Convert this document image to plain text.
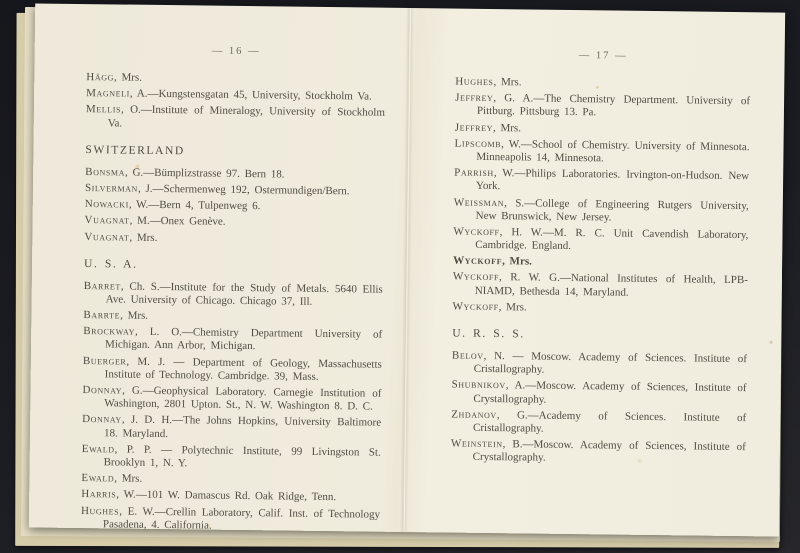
— 16 —

Hägg, Mrs.

Magneli, A.—Kungstensgatan 45, University, Stockholm Va.

Mellis, O.—Institute of Mineralogy, University of Stockholm Va.

SWITZERLAND

Bonsma, G.—Bümplizstrasse 97. Bern 18.

Silverman, J.—Schermenweg 192, Ostermundigen/Bern.

Nowacki, W.—Bern 4, Tulpenweg 6.

Vuagnat, M.—Onex Genève.

Vuagnat, Mrs.

U. S. A.

Barret, Ch. S.—Institute for the Study of Metals. 5640 Ellis Ave. University of Chicago. Chicago 37, Ill.

Barrte, Mrs.

Brockway, L. O.—Chemistry Department University of Michigan. Ann Arbor, Michigan.

Buerger, M. J. — Department of Geology, Massachusetts Institute of Technology. Cambridge. 39, Mass.

Donnay, G.—Geophysical Laboratory. Carnegie Institution of Washington, 2801 Upton. St., N. W. Washington 8. D. C.

Donnay, J. D. H.—The Johns Hopkins, University Baltimore 18. Maryland.

Ewald, P. P. — Polytechnic Institute, 99 Livingston St. Brooklyn 1, N. Y.

Ewald, Mrs.

Harris, W.—101 W. Damascus Rd. Oak Ridge, Tenn.

Hughes, E. W.—Crellin Laboratory, Calif. Inst. of Technology Pasadena, 4. California.

— 17 —

Hughes, Mrs.

Jeffrey, G. A.—The Chemistry Department. University of Pittburg. Pittsburg 13. Pa.

Jeffrey, Mrs.

Lipscomb, W.—School of Chemistry. University of Minnesota. Minneapolis 14, Minnesota.

Parrish, W.—Philips Laboratories. Irvington-on-Hudson. New York.

Weissman, S.—College of Engineering Rutgers University, New Brunswick, New Jersey.

Wyckoff, H. W.—M. R. C. Unit Cavendish Laboratory, Cambridge. England.

Wyckoff, Mrs.

Wyckoff, R. W. G.—National Institutes of Health, LPB-NIAMD, Bethesda 14, Maryland.

Wyckoff, Mrs.

U. R. S. S.

Belov, N. — Moscow. Academy of Sciences. Institute of Cristallography.

Shubnikov, A.—Moscow. Academy of Sciences, Institute of Crystallography.

Zhdanov, G.—Academy of Sciences. Institute of Cristallography.

Weinstein, B.—Moscow. Academy of Sciences, Institute of Crystallography.
